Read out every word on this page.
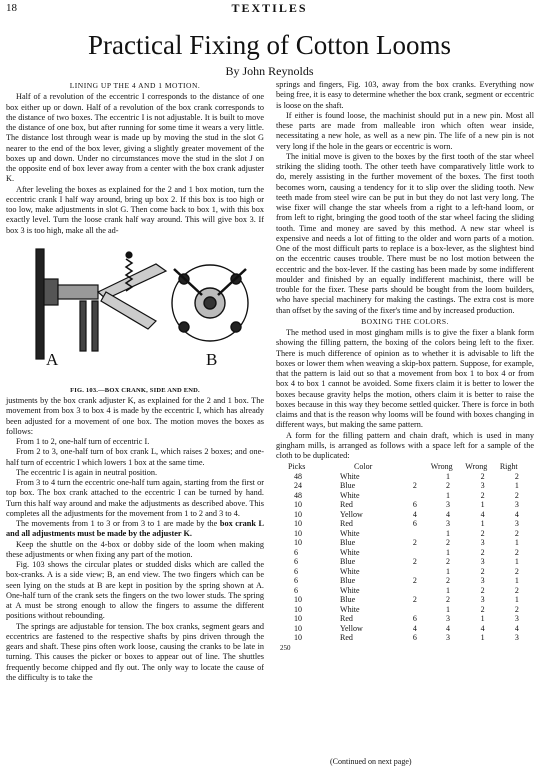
18	TEXTILES
Practical Fixing of Cotton Looms
By John Reynolds
LINING UP THE 4 AND 1 MOTION.

Half of a revolution of the eccentric I corresponds to the distance of one box either up or down. Half of a revolution of the box crank corresponds to the distance of two boxes. The eccentric I is not adjustable. It is built to move the distance of one box, but after running for some time it wears a very little. The distance lost through wear is made up by moving the stud in the slot G nearer to the end of the box lever, giving a slightly greater movement of the boxes up and down. Under no circumstances move the stud in the slot J on the opposite end of box lever away from a center with the box crank adjuster K.

After leveling the boxes as explained for the 2 and 1 box motion, turn the eccentric crank I half way around, bring up box 2. If this box is too high or too low, make adjustments in slot G. Then come back to box 1, with this box exactly level. Turn the loose crank half way around. This will give box 3. If box 3 is too high, make all the ad-

A	B
FIG. 103.—BOX CRANK, SIDE AND END.

justments by the box crank adjuster K, as explained for the 2 and 1 box. The movement from box 3 to box 4 is made by the eccentric I, which has already been adjusted for a movement of one box. The motion moves the boxes as follows:

From 1 to 2, one-half turn of eccentric I.

From 2 to 3, one-half turn of box crank L, which raises 2 boxes; and one-half turn of eccentric I which lowers 1 box at the same time.

The eccentric I is again in neutral position.

From 3 to 4 turn the eccentric one-half turn again, starting from the first or top box. The box crank attached to the eccentric I can be turned by hand. Turn this half way around and make the adjustments as described above. This completes all the adjustments for the movement from 1 to 2 and 3 to 4.

The movements from 1 to 3 or from 3 to 1 are made by the box crank L and all adjustments must be made by the adjuster K.

Keep the shuttle on the 4-box or dobby side of the loom when making these adjustments or when fixing any part of the motion.

Fig. 103 shows the circular plates or studded disks which are called the box-cranks. A is a side view; B, an end view. The two fingers which can be seen lying on the studs at B are kept in position by the spring shown at A. One-half turn of the crank sets the fingers on the two lower studs. The spring at A must be strong enough to allow the fingers to assume the different positions without rebounding.

The springs are adjustable for tension. The box cranks, segment gears and eccentrics are fastened to the respective shafts by pins driven through the gears and shaft. These pins often work loose, causing the cranks to be late in turning. This causes the picker or boxes to appear out of line. The shuttles frequently become chipped and fly out. The only way to locate the cause of the difficulty is to take the

springs and fingers, Fig. 103, away from the box cranks. Everything now being free, it is easy to determine whether the box crank, segment or eccentric is loose on the shaft.

If either is found loose, the machinist should put in a new pin. Most all these parts are made from malleable iron which often wear inside, necessitating a new hole, as well as a new pin. The life of a new pin is not very long if the hole in the gears or eccentric is worn.

The initial move is given to the boxes by the first tooth of the star wheel striking the sliding tooth. The other teeth have comparatively little work to do, merely assisting in the further movement of the boxes. The first tooth becomes worn, causing a tendency for it to slip over the sliding tooth. New teeth made from steel wire can be put in but they do not last very long. The wise fixer will change the star wheels from a right to a left-hand loom, or from left to right, bringing the good tooth of the star wheel facing the sliding tooth. Time and money are saved by this method. A new star wheel is expensive and needs a lot of fitting to the older and worn parts of a motion. One of the most difficult parts to replace is a box-lever, as the slightest bind on the eccentric causes trouble. There must be no lost motion between the eccentric and the box-lever. If the casting has been made by some indifferent moulder and finished by an equally indifferent machinist, there will be trouble for the fixer. These parts should be bought from the loom builders, who have special machinery for making the castings. The extra cost is more than offset by the saving of the fixer's time and by increased production.

BOXING THE COLORS.

The method used in most gingham mills is to give the fixer a blank form showing the filling pattern, the boxing of the colors being left to the fixer. There is much difference of opinion as to whether it is advisable to lift the boxes or lower them when weaving a skip-box pattern. Suppose, for example, that the pattern is laid out so that a movement from box 1 to box 4 or from box 4 to box 1 cannot be avoided. Some fixers claim it is better to lower the boxes because gravity helps the motion, others claim it is better to raise the boxes because in this way they become settled quicker. There is force in both claims and that is the reason why looms will be found with boxes changing in different ways, but making the same pattern.

A form for the filling pattern and chain draft, which is used in many gingham mills, is arranged as follows with a space left for a sample of the cloth to be duplicated:

Picks	Color		Wrong	Wrong	Right
48	White		1	2	2
24	Blue	2	2	3	1
48	White		1	2	2
10	Red	6	3	1	3
10	Yellow	4	4	4	4
10	Red	6	3	1	3
10	White		1	2	2
10	Blue	2	2	3	1
6	White		1	2	2
6	Blue	2	2	3	1
6	White		1	2	2
6	Blue	2	2	3	1
6	White		1	2	2
10	Blue	2	2	3	1
10	White		1	2	2
10	Red	6	3	1	3
10	Yellow	4	4	4	4
10	Red	6	3	1	3
250
(Continued on next page)
